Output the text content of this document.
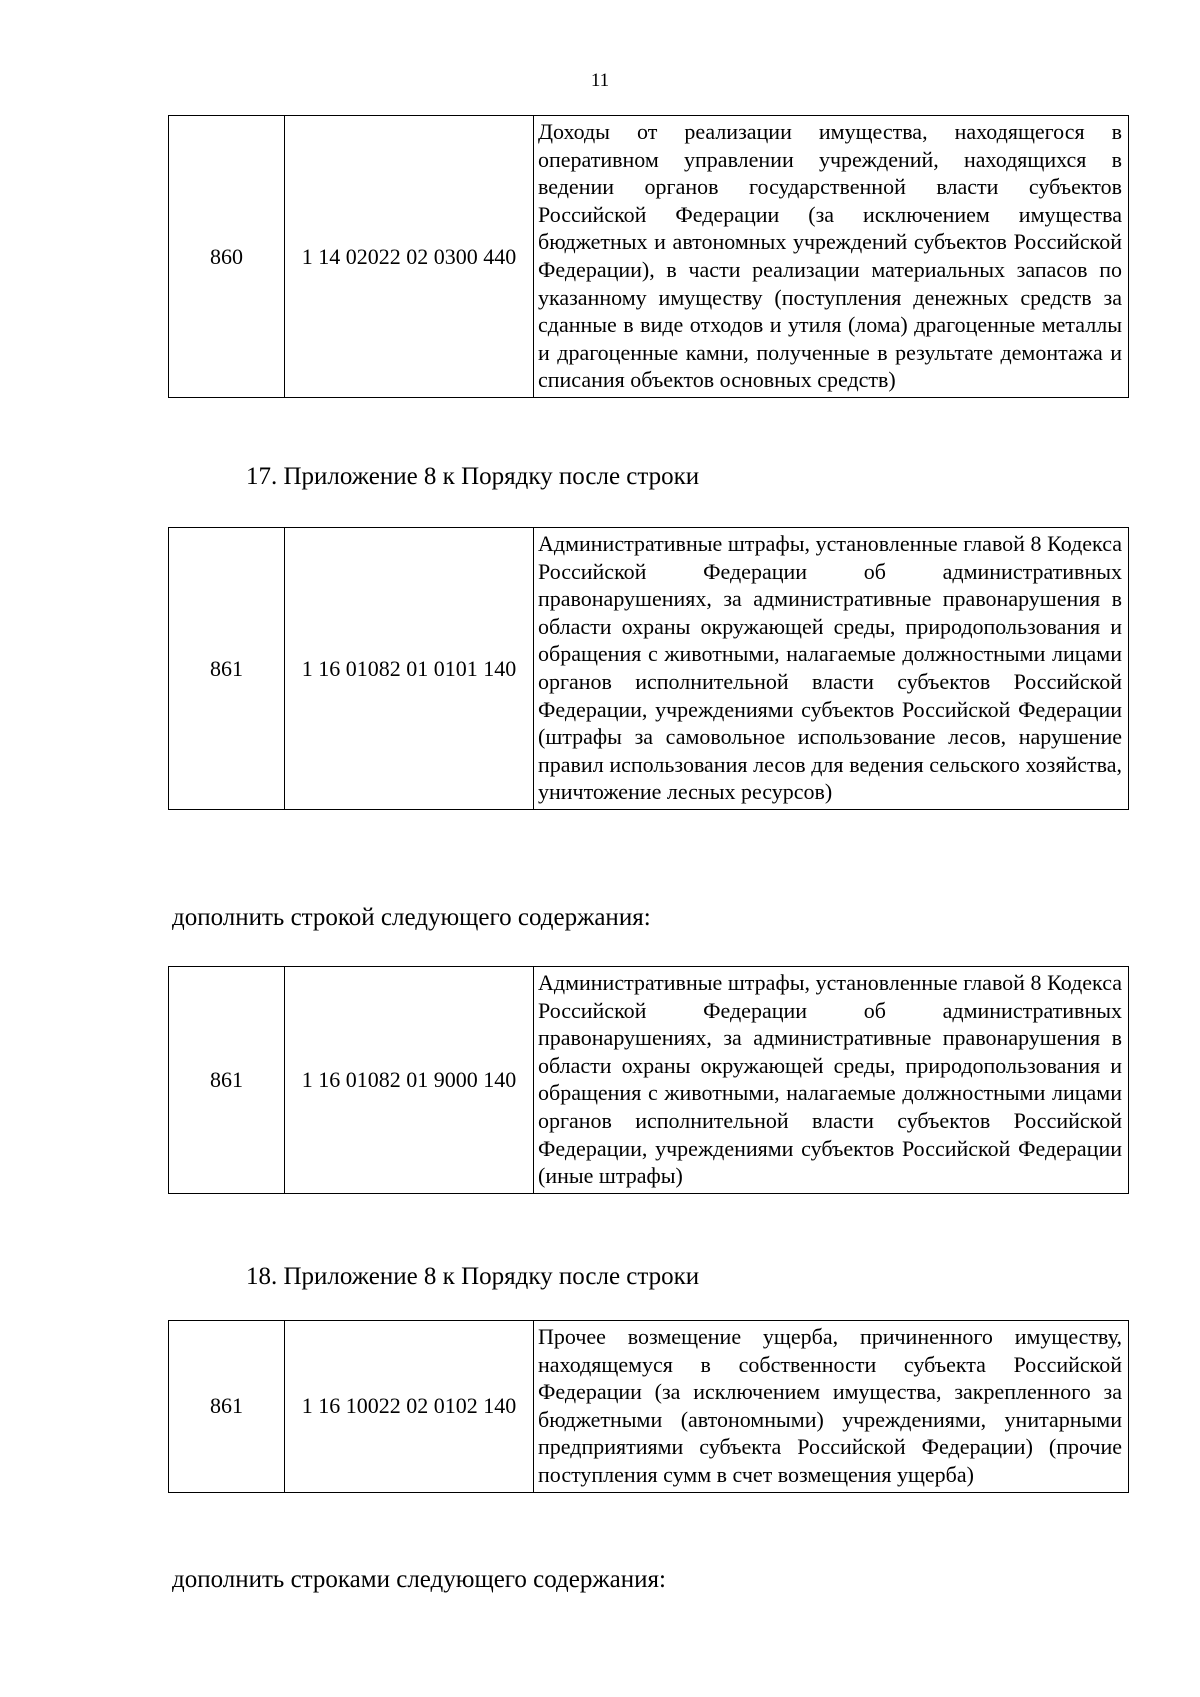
11
860	1 14 02022 02 0300 440	Доходы от реализации имущества, находящегося в оперативном управлении учреждений, находящихся в ведении органов государственной власти субъектов Российской Федерации (за исключением имущества бюджетных и автономных учреждений субъектов Российской Федерации), в части реализации материальных запасов по указанному имуществу (поступления денежных средств за сданные в виде отходов и утиля (лома) драгоценные металлы и драгоценные камни, полученные в результате демонтажа и списания объектов основных средств)
17. Приложение 8 к Порядку после строки
861	1 16 01082 01 0101 140	Административные штрафы, установленные главой 8 Кодекса Российской Федерации об административных правонарушениях, за административные правонарушения в области охраны окружающей среды, природопользования и обращения с животными, налагаемые должностными лицами органов исполнительной власти субъектов Российской Федерации, учреждениями субъектов Российской Федерации (штрафы за самовольное использование лесов, нарушение правил использования лесов для ведения сельского хозяйства, уничтожение лесных ресурсов)
дополнить строкой следующего содержания:
861	1 16 01082 01 9000 140	Административные штрафы, установленные главой 8 Кодекса Российской Федерации об административных правонарушениях, за административные правонарушения в области охраны окружающей среды, природопользования и обращения с животными, налагаемые должностными лицами органов исполнительной власти субъектов Российской Федерации, учреждениями субъектов Российской Федерации (иные штрафы)
18. Приложение 8 к Порядку после строки
861	1 16 10022 02 0102 140	Прочее возмещение ущерба, причиненного имуществу, находящемуся в собственности субъекта Российской Федерации (за исключением имущества, закрепленного за бюджетными (автономными) учреждениями, унитарными предприятиями субъекта Российской Федерации) (прочие поступления сумм в счет возмещения ущерба)
дополнить строками следующего содержания:
